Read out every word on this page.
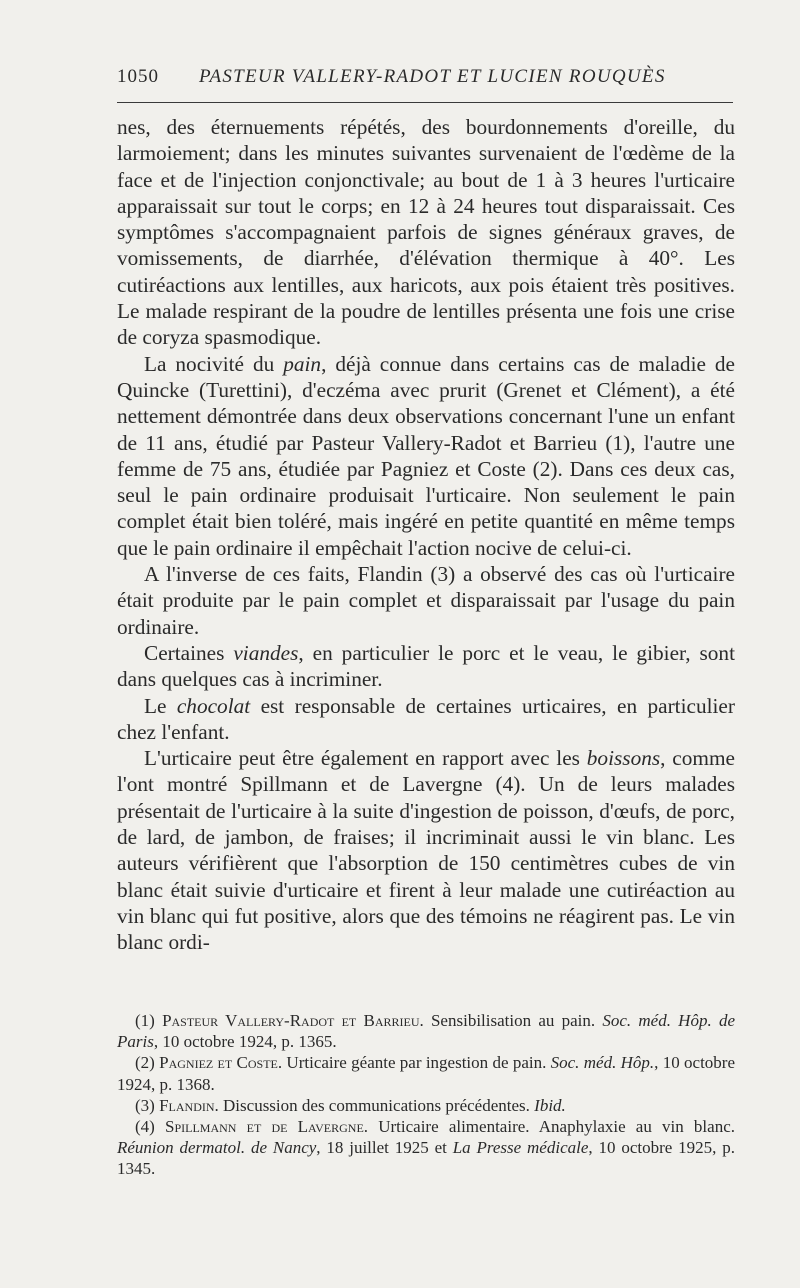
1050 PASTEUR VALLERY-RADOT ET LUCIEN ROUQUÈS

nes, des éternuements répétés, des bourdonnements d'oreille, du larmoiement; dans les minutes suivantes survenaient de l'œdème de la face et de l'injection conjonctivale; au bout de 1 à 3 heures l'urticaire apparaissait sur tout le corps; en 12 à 24 heures tout disparaissait. Ces symptômes s'accompagnaient parfois de signes généraux graves, de vomissements, de diarrhée, d'élévation thermique à 40°. Les cutiréactions aux lentilles, aux haricots, aux pois étaient très positives. Le malade respirant de la poudre de lentilles présenta une fois une crise de coryza spasmodique.

La nocivité du pain, déjà connue dans certains cas de maladie de Quincke (Turettini), d'eczéma avec prurit (Grenet et Clément), a été nettement démontrée dans deux observations concernant l'une un enfant de 11 ans, étudié par Pasteur Vallery-Radot et Barrieu (1), l'autre une femme de 75 ans, étudiée par Pagniez et Coste (2). Dans ces deux cas, seul le pain ordinaire produisait l'urticaire. Non seulement le pain complet était bien toléré, mais ingéré en petite quantité en même temps que le pain ordinaire il empêchait l'action nocive de celui-ci.

A l'inverse de ces faits, Flandin (3) a observé des cas où l'urticaire était produite par le pain complet et disparaissait par l'usage du pain ordinaire.

Certaines viandes, en particulier le porc et le veau, le gibier, sont dans quelques cas à incriminer.

Le chocolat est responsable de certaines urticaires, en particulier chez l'enfant.

L'urticaire peut être également en rapport avec les boissons, comme l'ont montré Spillmann et de Lavergne (4). Un de leurs malades présentait de l'urticaire à la suite d'ingestion de poisson, d'œufs, de porc, de lard, de jambon, de fraises; il incriminait aussi le vin blanc. Les auteurs vérifièrent que l'absorption de 150 centimètres cubes de vin blanc était suivie d'urticaire et firent à leur malade une cutiréaction au vin blanc qui fut positive, alors que des témoins ne réagirent pas. Le vin blanc ordi-

(1) Pasteur Vallery-Radot et Barrieu. Sensibilisation au pain. Soc. méd. Hôp. de Paris, 10 octobre 1924, p. 1365.

(2) Pagniez et Coste. Urticaire géante par ingestion de pain. Soc. méd. Hôp., 10 octobre 1924, p. 1368.

(3) Flandin. Discussion des communications précédentes. Ibid.

(4) Spillmann et de Lavergne. Urticaire alimentaire. Anaphylaxie au vin blanc. Réunion dermatol. de Nancy, 18 juillet 1925 et La Presse médicale, 10 octobre 1925, p. 1345.
